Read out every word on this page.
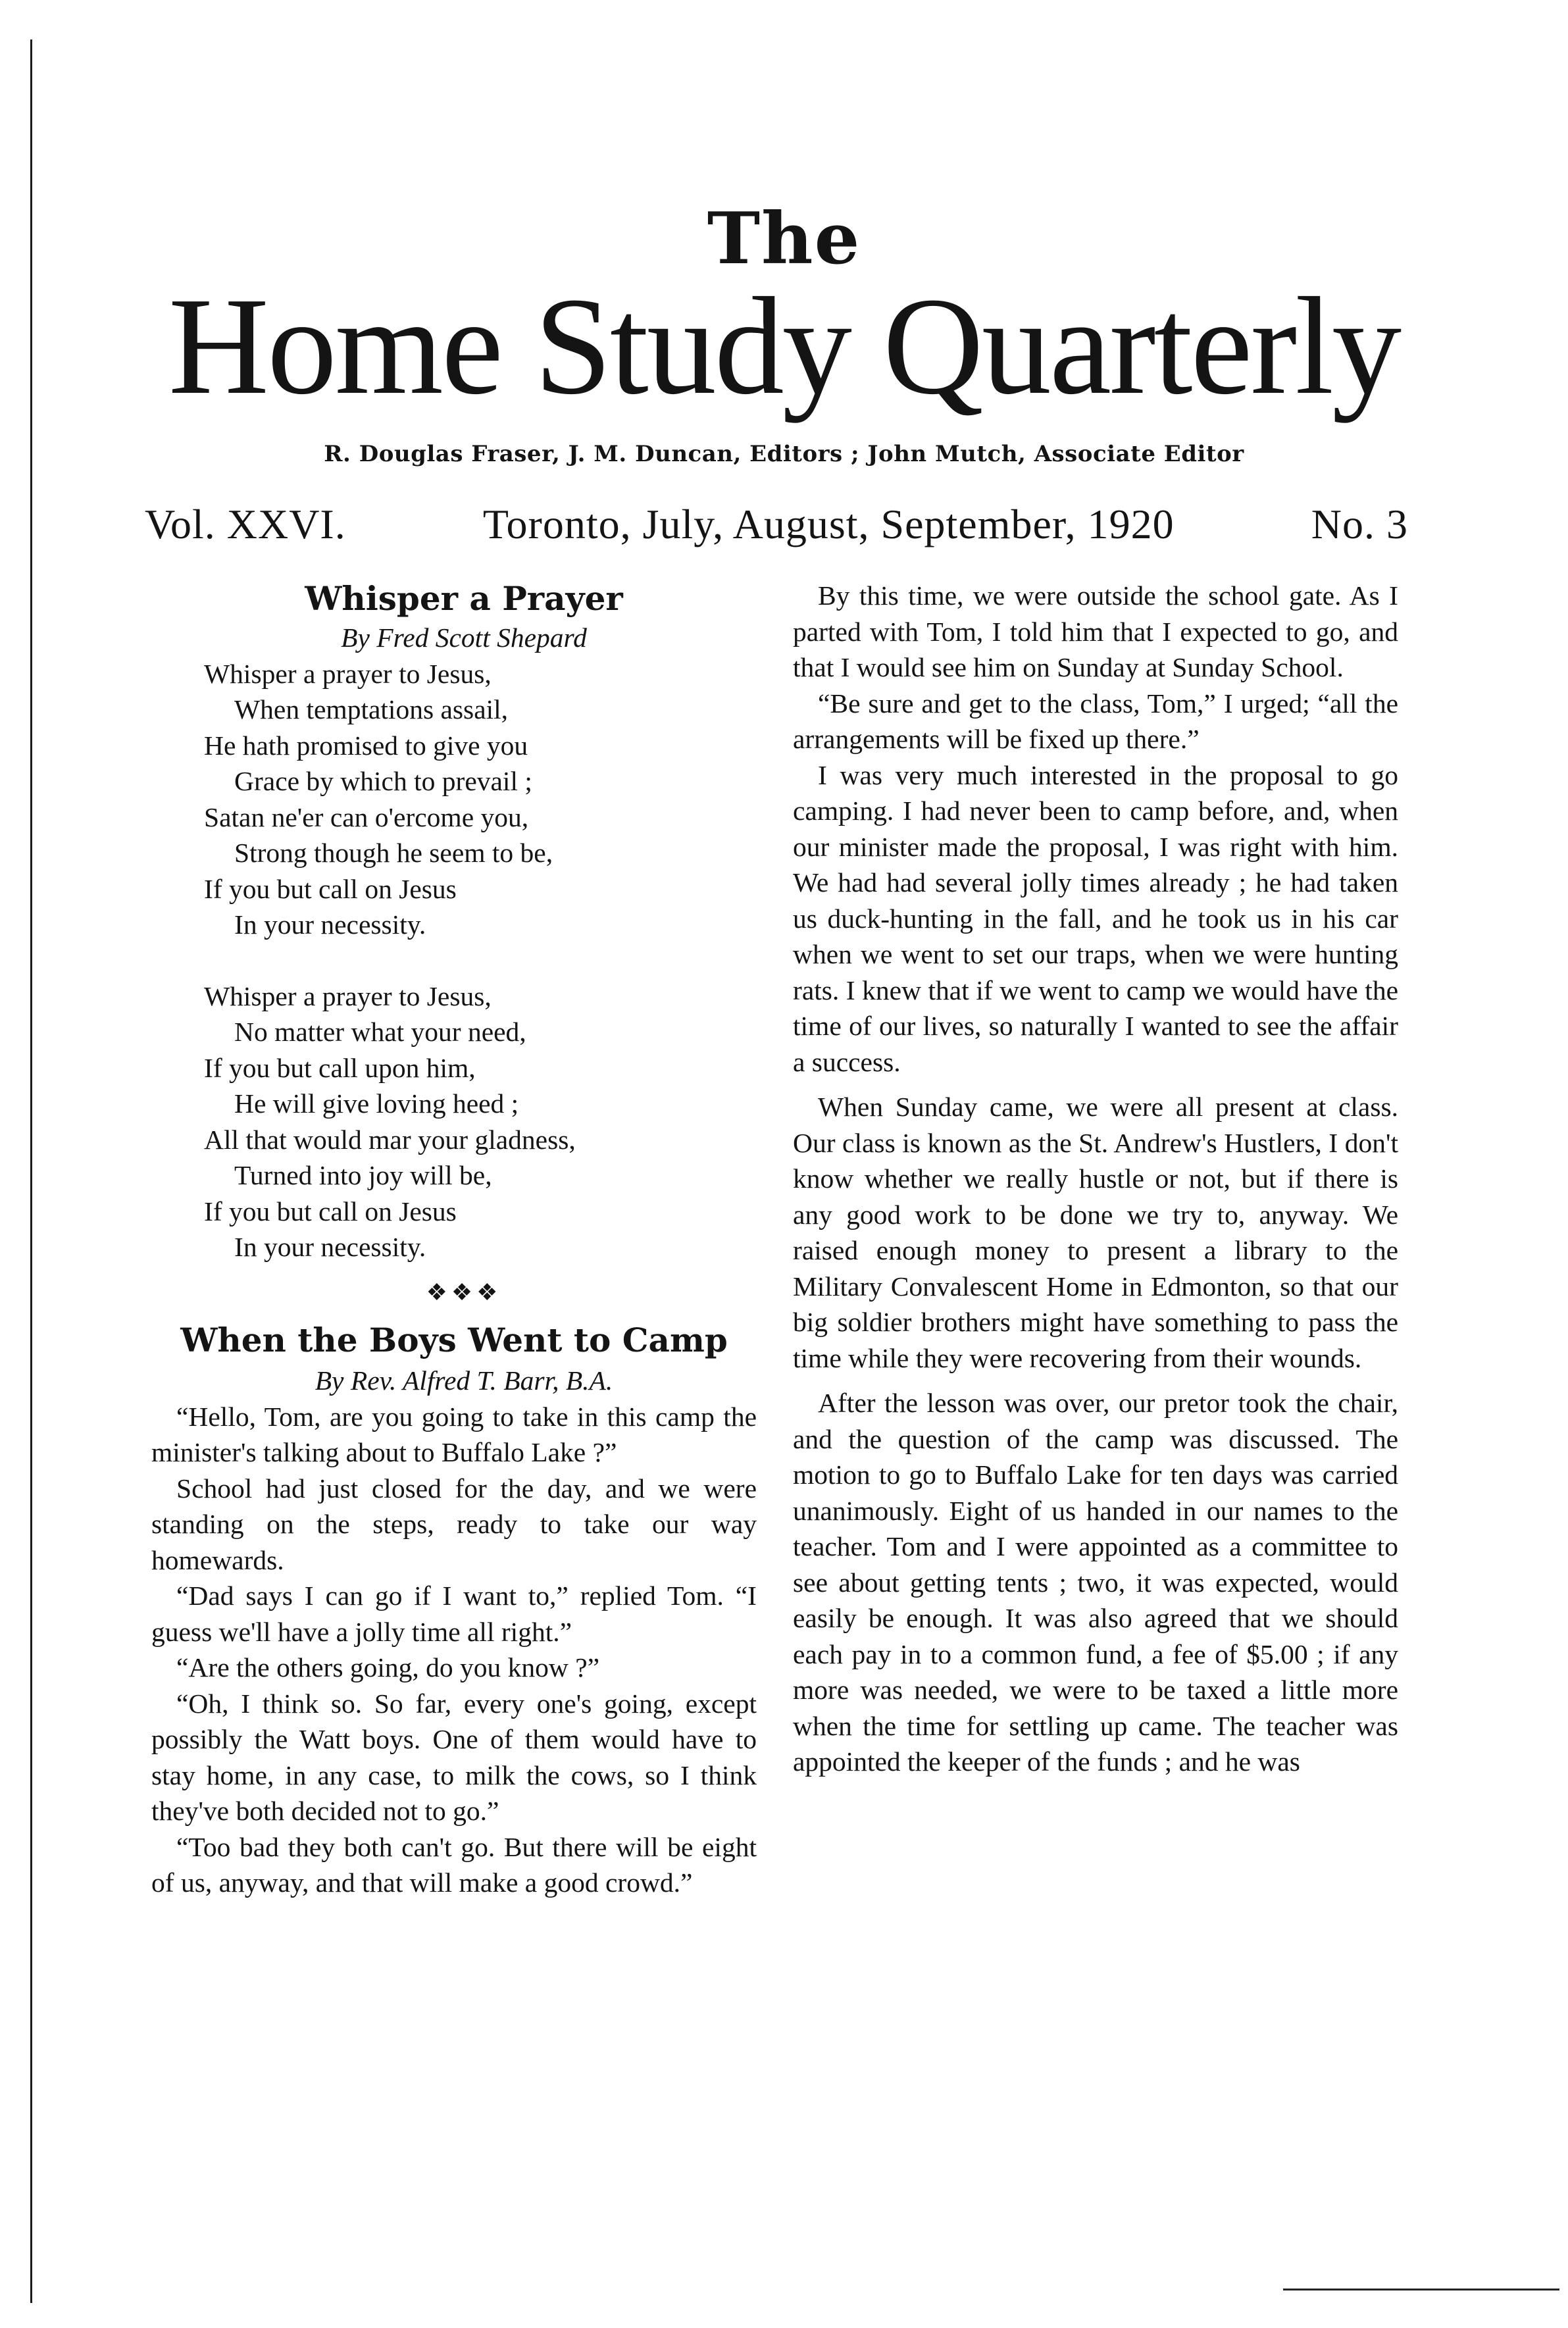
The
Home Study Quarterly
R. Douglas Fraser, J. M. Duncan, Editors ; John Mutch, Associate Editor
Vol. XXVI.	Toronto, July, August, September, 1920	No. 3
Whisper a Prayer
By Fred Scott Shepard
Whisper a prayer to Jesus,
When temptations assail,
He hath promised to give you
Grace by which to prevail ;
Satan ne'er can o'ercome you,
Strong though he seem to be,
If you but call on Jesus
In your necessity.
Whisper a prayer to Jesus,
No matter what your need,
If you but call upon him,
He will give loving heed ;
All that would mar your gladness,
Turned into joy will be,
If you but call on Jesus
In your necessity.
❖❖❖
When the Boys Went to Camp
By Rev. Alfred T. Barr, B.A.

“Hello, Tom, are you going to take in this camp the minister's talking about to Buffalo Lake ?”

School had just closed for the day, and we were standing on the steps, ready to take our way homewards.

“Dad says I can go if I want to,” replied Tom. “I guess we'll have a jolly time all right.”

“Are the others going, do you know ?”

“Oh, I think so. So far, every one's going, except possibly the Watt boys. One of them would have to stay home, in any case, to milk the cows, so I think they've both decided not to go.”

“Too bad they both can't go. But there will be eight of us, anyway, and that will make a good crowd.”

By this time, we were outside the school gate. As I parted with Tom, I told him that I expected to go, and that I would see him on Sunday at Sunday School.

“Be sure and get to the class, Tom,” I urged; “all the arrangements will be fixed up there.”

I was very much interested in the proposal to go camping. I had never been to camp before, and, when our minister made the proposal, I was right with him. We had had several jolly times already ; he had taken us duck-hunting in the fall, and he took us in his car when we went to set our traps, when we were hunting rats. I knew that if we went to camp we would have the time of our lives, so naturally I wanted to see the affair a success.

When Sunday came, we were all present at class. Our class is known as the St. Andrew's Hustlers, I don't know whether we really hustle or not, but if there is any good work to be done we try to, anyway. We raised enough money to present a library to the Military Convalescent Home in Edmonton, so that our big soldier brothers might have something to pass the time while they were recovering from their wounds.

After the lesson was over, our pretor took the chair, and the question of the camp was discussed. The motion to go to Buffalo Lake for ten days was carried unanimously. Eight of us handed in our names to the teacher. Tom and I were appointed as a committee to see about getting tents ; two, it was expected, would easily be enough. It was also agreed that we should each pay in to a common fund, a fee of $5.00 ; if any more was needed, we were to be taxed a little more when the time for settling up came. The teacher was appointed the keeper of the funds ; and he was
